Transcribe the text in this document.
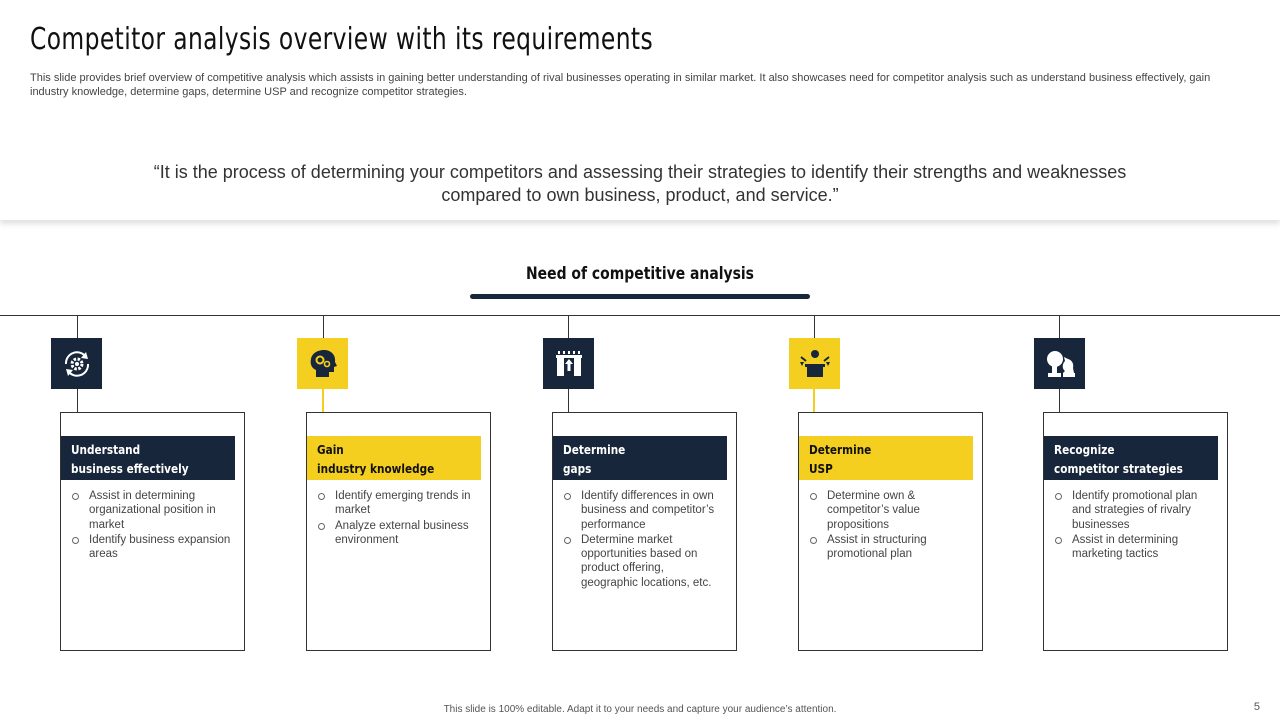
Competitor analysis overview with its requirements
This slide provides brief overview of competitive analysis which assists in gaining better understanding of rival businesses operating in similar market. It also showcases need for competitor analysis such as understand business effectively, gain industry knowledge, determine gaps, determine USP and recognize competitor strategies.
“It is the process of determining your competitors and assessing their strategies to identify their strengths and weaknesses
compared to own business, product, and service.”
Need of competitive analysis
Understand
business effectively
Assist in determining organizational position in market
Identify business expansion areas
Gain
industry knowledge
Identify emerging trends in market
Analyze external business environment
Determine
gaps
Identify differences in own business and competitor’s performance
Determine market opportunities based on product offering, geographic locations, etc.
Determine
USP
Determine own & competitor’s value propositions
Assist in structuring promotional plan
Recognize
competitor strategies
Identify promotional plan and strategies of rivalry businesses
Assist in determining marketing tactics
This slide is 100% editable. Adapt it to your needs and capture your audience’s attention.	5
